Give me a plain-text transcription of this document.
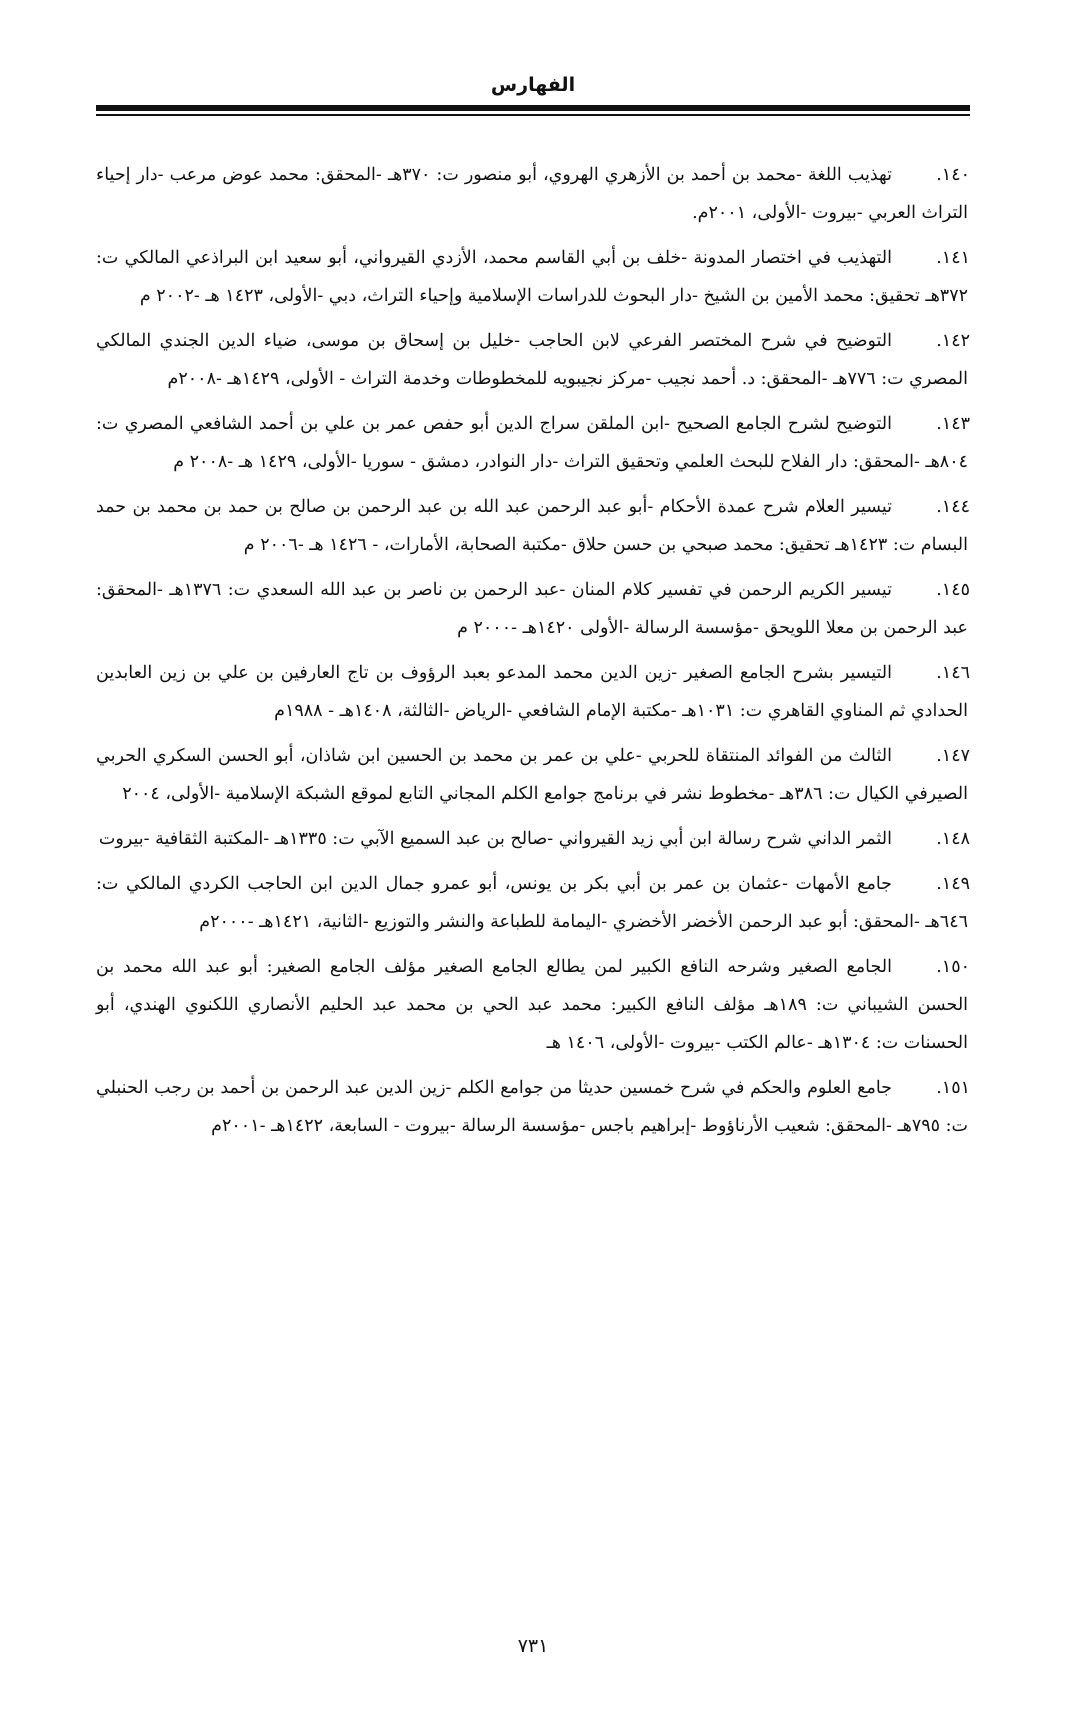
الفهارس

١٤٠.
تهذيب اللغة -محمد بن أحمد بن الأزهري الهروي، أبو منصور ت: ٣٧٠هـ -المحقق: محمد عوض مرعب -دار إحياء التراث العربي -بيروت -الأولى، ٢٠٠١م.

١٤١.
التهذيب في اختصار المدونة -خلف بن أبي القاسم محمد، الأزدي القيرواني، أبو سعيد ابن البراذعي المالكي ت: ٣٧٢هـ تحقيق: محمد الأمين بن الشيخ -دار البحوث للدراسات الإسلامية وإحياء التراث، دبي -الأولى، ١٤٢٣ هـ -٢٠٠٢ م

١٤٢.
التوضيح في شرح المختصر الفرعي لابن الحاجب -خليل بن إسحاق بن موسى، ضياء الدين الجندي المالكي المصري ت: ٧٧٦هـ -المحقق: د. أحمد نجيب -مركز نجيبويه للمخطوطات وخدمة التراث - الأولى، ١٤٢٩هـ -٢٠٠٨م

١٤٣.
التوضيح لشرح الجامع الصحيح -ابن الملقن سراج الدين أبو حفص عمر بن علي بن أحمد الشافعي المصري ت: ٨٠٤هـ -المحقق: دار الفلاح للبحث العلمي وتحقيق التراث -دار النوادر، دمشق - سوريا -الأولى، ١٤٢٩ هـ -٢٠٠٨ م

١٤٤.
تيسير العلام شرح عمدة الأحكام -أبو عبد الرحمن عبد الله بن عبد الرحمن بن صالح بن حمد بن محمد بن حمد البسام ت: ١٤٢٣هـ تحقيق: محمد صبحي بن حسن حلاق -مكتبة الصحابة، الأمارات، - ١٤٢٦ هـ -٢٠٠٦ م

١٤٥.
تيسير الكريم الرحمن في تفسير كلام المنان -عبد الرحمن بن ناصر بن عبد الله السعدي ت: ١٣٧٦هـ -المحقق: عبد الرحمن بن معلا اللويحق -مؤسسة الرسالة -الأولى ١٤٢٠هـ -٢٠٠٠ م

١٤٦.
التيسير بشرح الجامع الصغير -زين الدين محمد المدعو بعبد الرؤوف بن تاج العارفين بن علي بن زين العابدين الحدادي ثم المناوي القاهري ت: ١٠٣١هـ -مكتبة الإمام الشافعي -الرياض -الثالثة، ١٤٠٨هـ - ١٩٨٨م

١٤٧.
الثالث من الفوائد المنتقاة للحربي -علي بن عمر بن محمد بن الحسين ابن شاذان، أبو الحسن السكري الحربي الصيرفي الكيال ت: ٣٨٦هـ -مخطوط نشر في برنامج جوامع الكلم المجاني التابع لموقع الشبكة الإسلامية -الأولى، ٢٠٠٤

١٤٨.
الثمر الداني شرح رسالة ابن أبي زيد القيرواني -صالح بن عبد السميع الآبي ت: ١٣٣٥هـ -المكتبة الثقافية -بيروت

١٤٩.
جامع الأمهات -عثمان بن عمر بن أبي بكر بن يونس، أبو عمرو جمال الدين ابن الحاجب الكردي المالكي ت: ٦٤٦هـ -المحقق: أبو عبد الرحمن الأخضر الأخضري -اليمامة للطباعة والنشر والتوزيع -الثانية، ١٤٢١هـ -٢٠٠٠م

١٥٠.
الجامع الصغير وشرحه النافع الكبير لمن يطالع الجامع الصغير مؤلف الجامع الصغير: أبو عبد الله محمد بن الحسن الشيباني ت: ١٨٩هـ مؤلف النافع الكبير: محمد عبد الحي بن محمد عبد الحليم الأنصاري اللكنوي الهندي، أبو الحسنات ت: ١٣٠٤هـ -عالم الكتب -بيروت -الأولى، ١٤٠٦ هـ

١٥١.
جامع العلوم والحكم في شرح خمسين حديثا من جوامع الكلم -زين الدين عبد الرحمن بن أحمد بن رجب الحنبلي ت: ٧٩٥هـ -المحقق: شعيب الأرناؤوط -إبراهيم باجس -مؤسسة الرسالة -بيروت - السابعة، ١٤٢٢هـ -٢٠٠١م

٧٣١
